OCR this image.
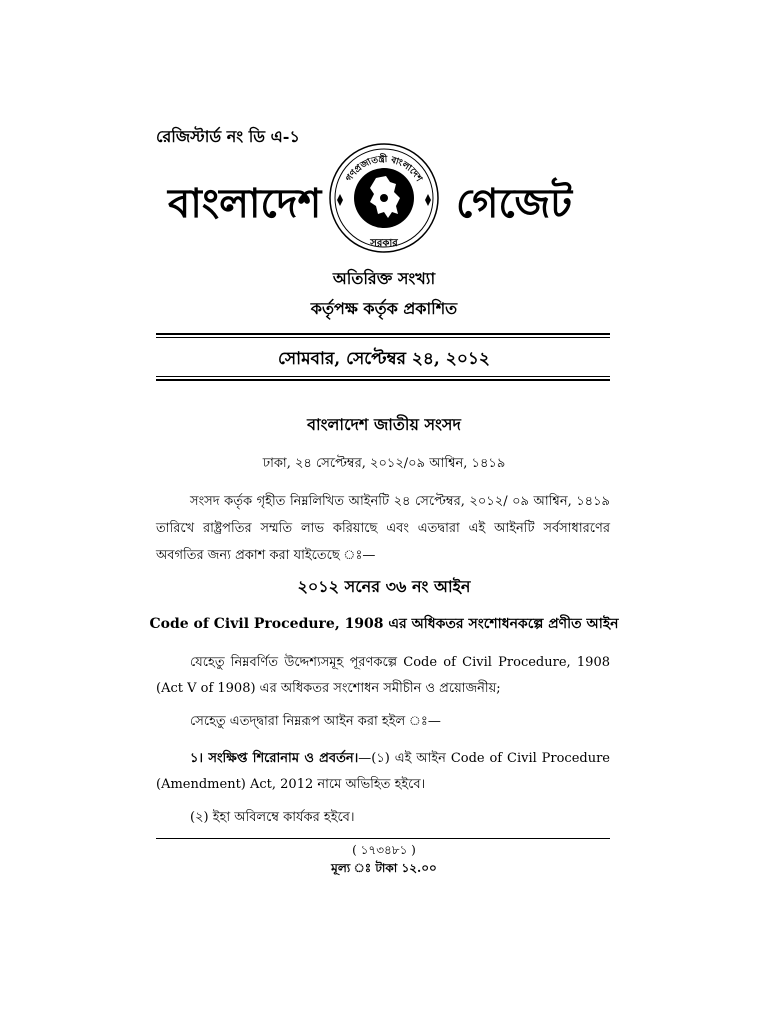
রেজিস্টার্ড নং ডি এ-১
বাংলাদেশ
গণপ্রজাতন্ত্রী বাংলাদেশ
সরকার
গেজেট
অতিরিক্ত সংখ্যা
কর্তৃপক্ষ কর্তৃক প্রকাশিত
সোমবার, সেপ্টেম্বর ২৪, ২০১২
বাংলাদেশ জাতীয় সংসদ
ঢাকা, ২৪ সেপ্টেম্বর, ২০১২/০৯ আশ্বিন, ১৪১৯
সংসদ কর্তৃক গৃহীত নিম্নলিখিত আইনটি ২৪ সেপ্টেম্বর, ২০১২/ ০৯ আশ্বিন, ১৪১৯ তারিখে রাষ্ট্রপতির সম্মতি লাভ করিয়াছে এবং এতদ্বারা এই আইনটি সর্বসাধারণের অবগতির জন্য প্রকাশ করা যাইতেছে ঃ—
২০১২ সনের ৩৬ নং আইন
Code of Civil Procedure, 1908 এর অধিকতর সংশোধনকল্পে প্রণীত আইন
যেহেতু নিম্নবর্ণিত উদ্দেশ্যসমূহ পূরণকল্পে Code of Civil Procedure, 1908 (Act V of 1908) এর অধিকতর সংশোধন সমীচীন ও প্রয়োজনীয়;
সেহেতু এতদ্দ্বারা নিম্নরূপ আইন করা হইল ঃ—
১। সংক্ষিপ্ত শিরোনাম ও প্রবর্তন।—(১) এই আইন Code of Civil Procedure (Amendment) Act, 2012 নামে অভিহিত হইবে।
(২) ইহা অবিলম্বে কার্যকর হইবে।
( ১৭৩৪৮১ )
মূল্য ঃ টাকা ১২.০০
